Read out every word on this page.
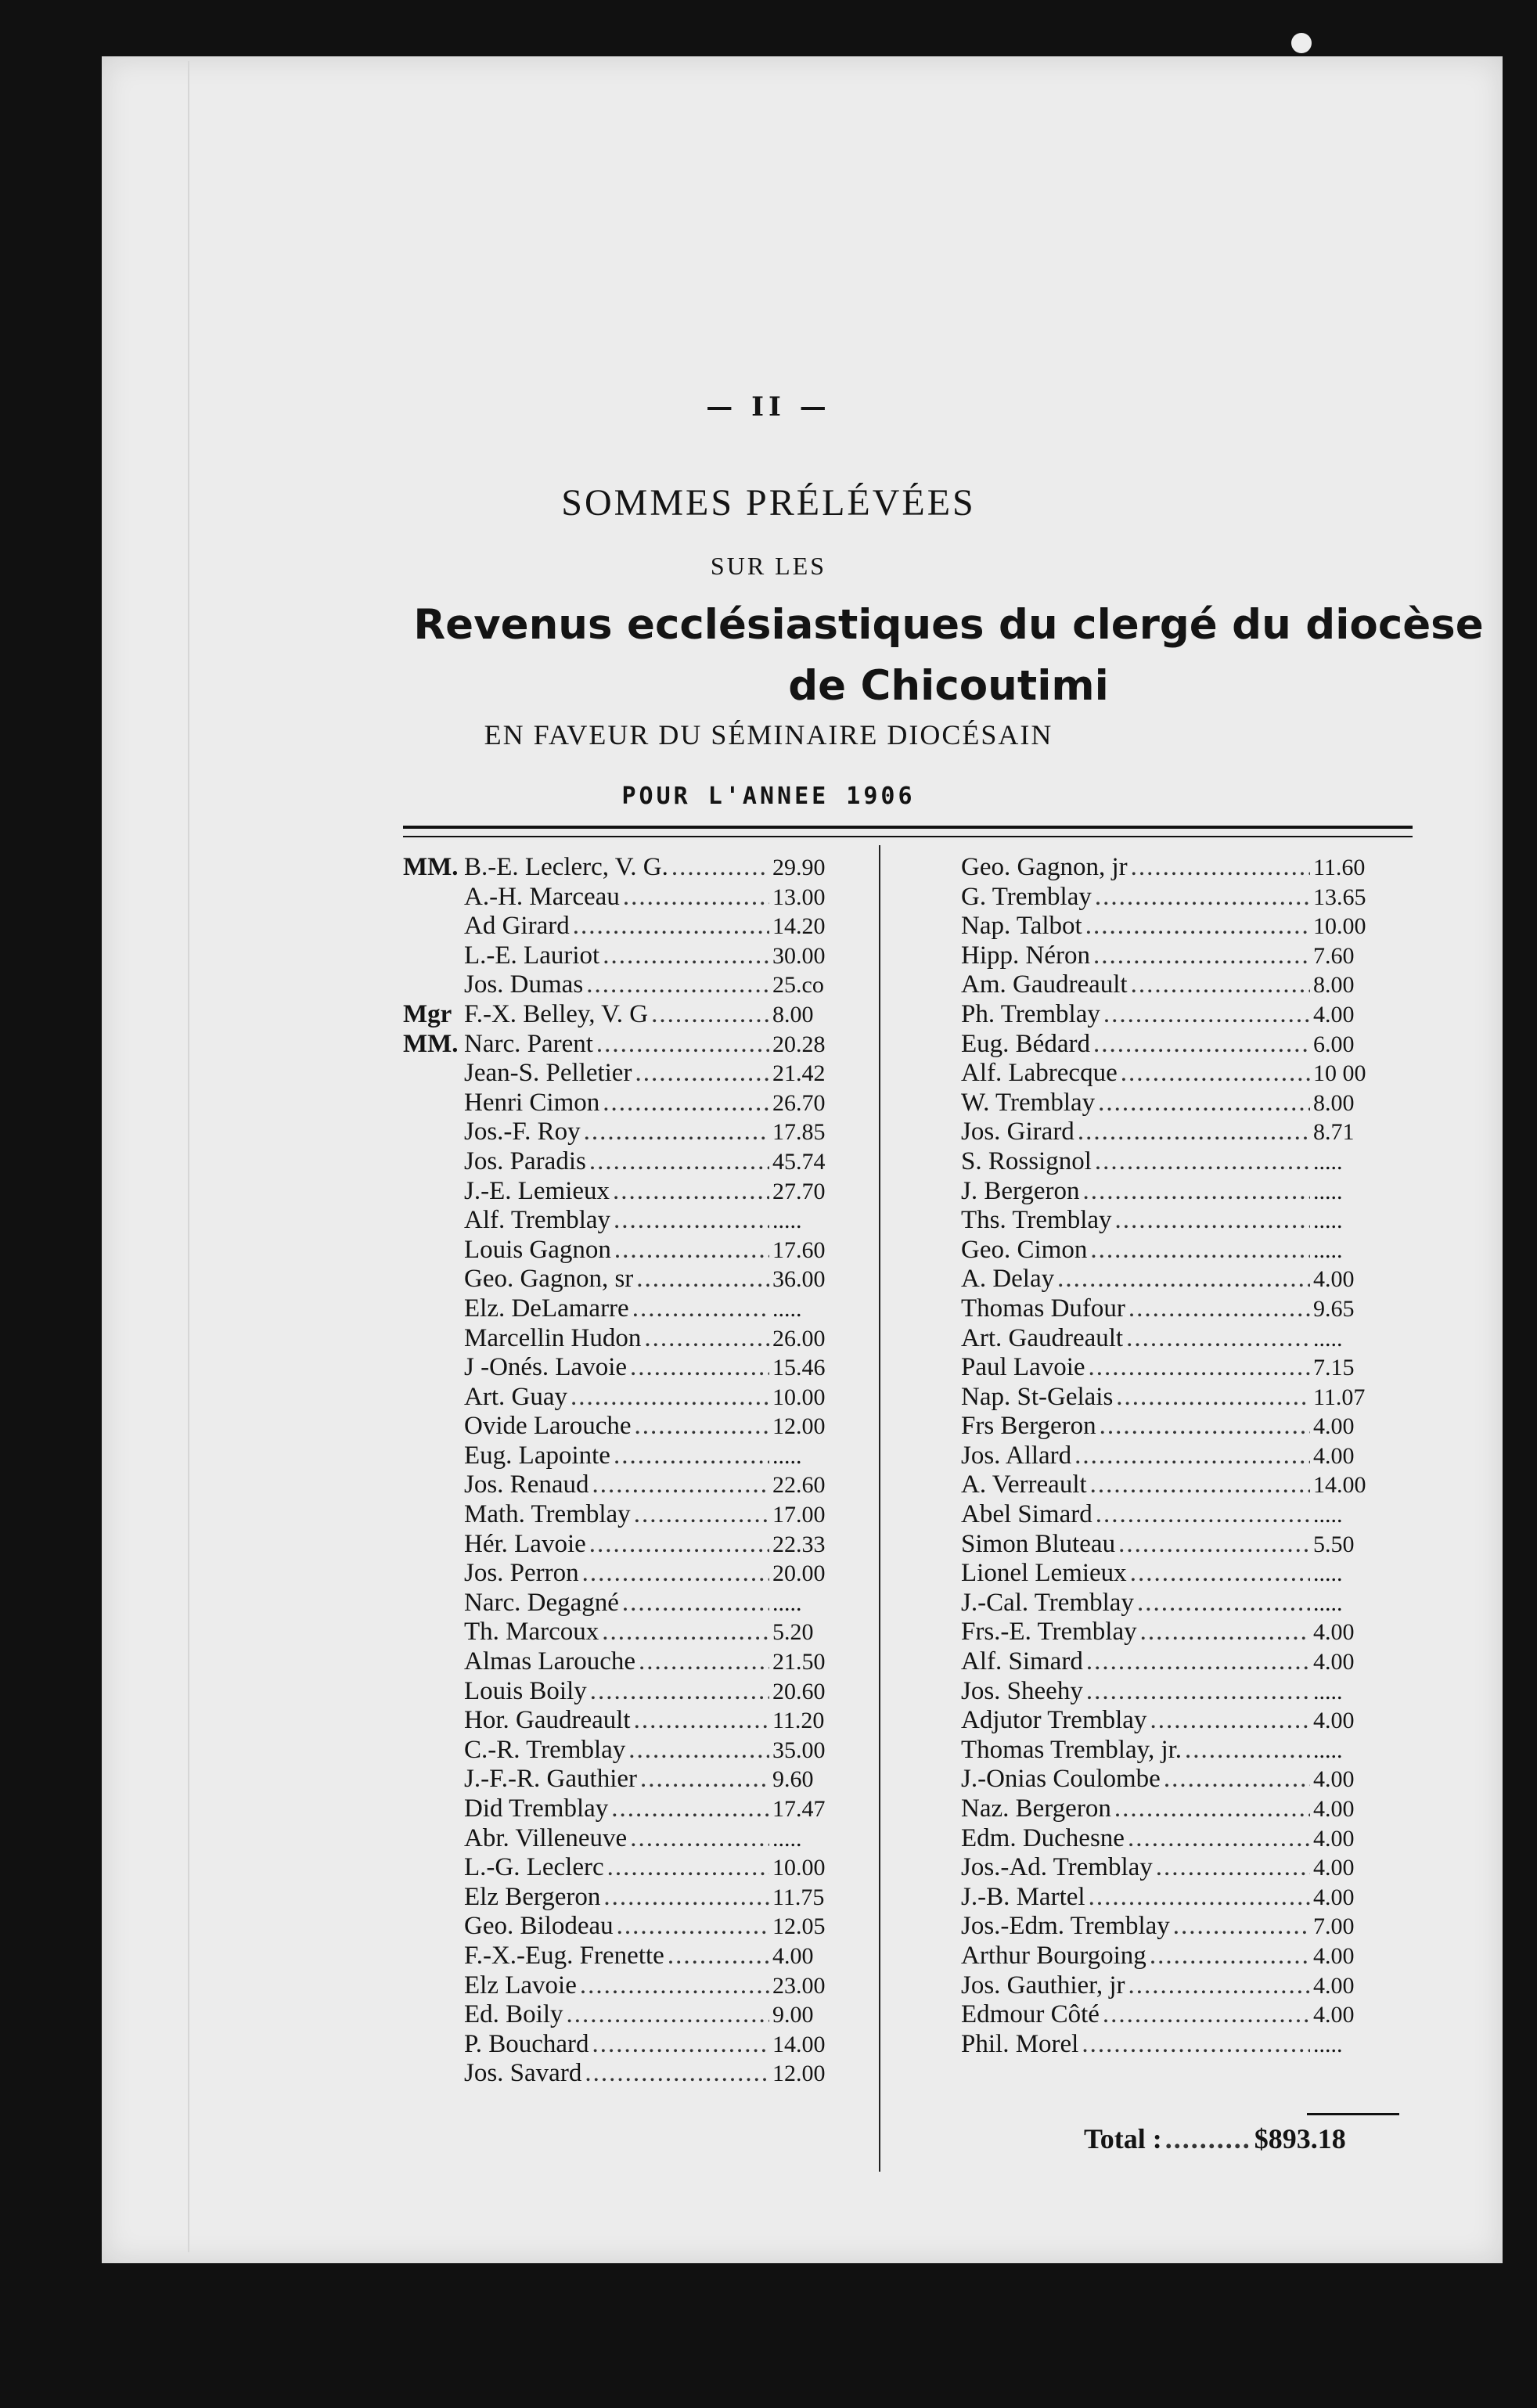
— II —
SOMMES PRÉLÉVÉES
SUR LES
Revenus ecclésiastiques du clergé du diocèse de Chicoutimi
EN FAVEUR DU SÉMINAIRE DIOCÉSAIN
POUR L'ANNEE 1906
MM. B.-E. Leclerc, V. G. .....	29.90
A.-H. Marceau .....	13.00
Ad Girard .....	14.20
L.-E. Lauriot .....	30.00
Jos. Dumas .....	25.co
Mgr F.-X. Belley, V. G .....	8.00
MM. Narc. Parent .....	20.28
Jean-S. Pelletier .....	21.42
Henri Cimon .....	26.70
Jos.-F. Roy .....	17.85
Jos. Paradis .....	45.74
J.-E. Lemieux .....	27.70
Alf. Tremblay .....	.....
Louis Gagnon .....	17.60
Geo. Gagnon, sr .....	36.00
Elz. DeLamarre .....	.....
Marcellin Hudon .....	26.00
J -Onés. Lavoie .....	15.46
Art. Guay .....	10.00
Ovide Larouche .....	12.00
Eug. Lapointe .....	.....
Jos. Renaud .....	22.60
Math. Tremblay .....	17.00
Hér. Lavoie .....	22.33
Jos. Perron .....	20.00
Narc. Degagné .....	.....
Th. Marcoux .....	5.20
Almas Larouche .....	21.50
Louis Boily .....	20.60
Hor. Gaudreault .....	11.20
C.-R. Tremblay .....	35.00
J.-F.-R. Gauthier .....	9.60
Did Tremblay .....	17.47
Abr. Villeneuve .....	.....
L.-G. Leclerc .....	10.00
Elz Bergeron .....	11.75
Geo. Bilodeau .....	12.05
F.-X.-Eug. Frenette .....	4.00
Elz Lavoie .....	23.00
Ed. Boily .....	9.00
P. Bouchard .....	14.00
Jos. Savard .....	12.00
Geo. Gagnon, jr .....	11.60
G. Tremblay .....	13.65
Nap. Talbot .....	10.00
Hipp. Néron .....	7.60
Am. Gaudreault .....	8.00
Ph. Tremblay .....	4.00
Eug. Bédard .....	6.00
Alf. Labrecque .....	10 00
W. Tremblay .....	8.00
Jos. Girard .....	8.71
S. Rossignol .....	.....
J. Bergeron .....	.....
Ths. Tremblay .....	.....
Geo. Cimon .....	.....
A. Delay .....	4.00
Thomas Dufour .....	9.65
Art. Gaudreault .....	.....
Paul Lavoie .....	7.15
Nap. St-Gelais .....	11.07
Frs Bergeron .....	4.00
Jos. Allard .....	4.00
A. Verreault .....	14.00
Abel Simard .....	.....
Simon Bluteau .....	5.50
Lionel Lemieux .....	.....
J.-Cal. Tremblay .....	.....
Frs.-E. Tremblay .....	4.00
Alf. Simard .....	4.00
Jos. Sheehy .....	.....
Adjutor Tremblay .....	4.00
Thomas Tremblay, jr. .....	.....
J.-Onias Coulombe .....	4.00
Naz. Bergeron .....	4.00
Edm. Duchesne .....	4.00
Jos.-Ad. Tremblay .....	4.00
J.-B. Martel .....	4.00
Jos.-Edm. Tremblay .....	7.00
Arthur Bourgoing .....	4.00
Jos. Gauthier, jr .....	4.00
Edmour Côté .....	4.00
Phil. Morel .....	.....
Total : .....	$893.18
